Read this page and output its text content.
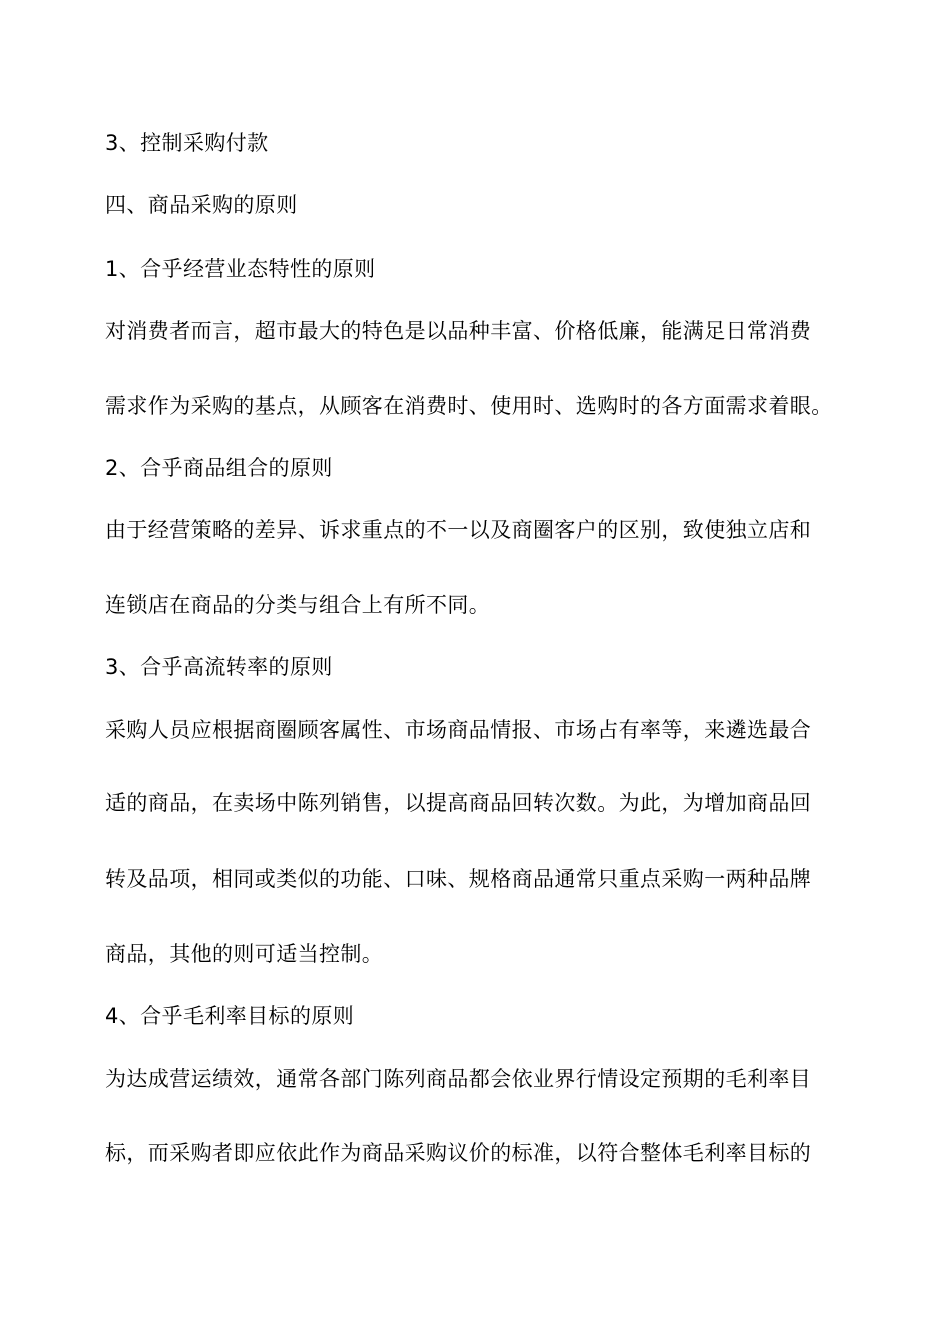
3、控制采购付款
四、商品采购的原则
1、合乎经营业态特性的原则
对消费者而言，超市最大的特色是以品种丰富、价格低廉，能满足日常消费
需求作为采购的基点，从顾客在消费时、使用时、选购时的各方面需求着眼。
2、合乎商品组合的原则
由于经营策略的差异、诉求重点的不一以及商圈客户的区别，致使独立店和
连锁店在商品的分类与组合上有所不同。
3、合乎高流转率的原则
采购人员应根据商圈顾客属性、市场商品情报、市场占有率等，来遴选最合
适的商品，在卖场中陈列销售，以提高商品回转次数。为此，为增加商品回
转及品项，相同或类似的功能、口味、规格商品通常只重点采购一两种品牌
商品，其他的则可适当控制。
4、合乎毛利率目标的原则
为达成营运绩效，通常各部门陈列商品都会依业界行情设定预期的毛利率目
标，而采购者即应依此作为商品采购议价的标准，以符合整体毛利率目标的
